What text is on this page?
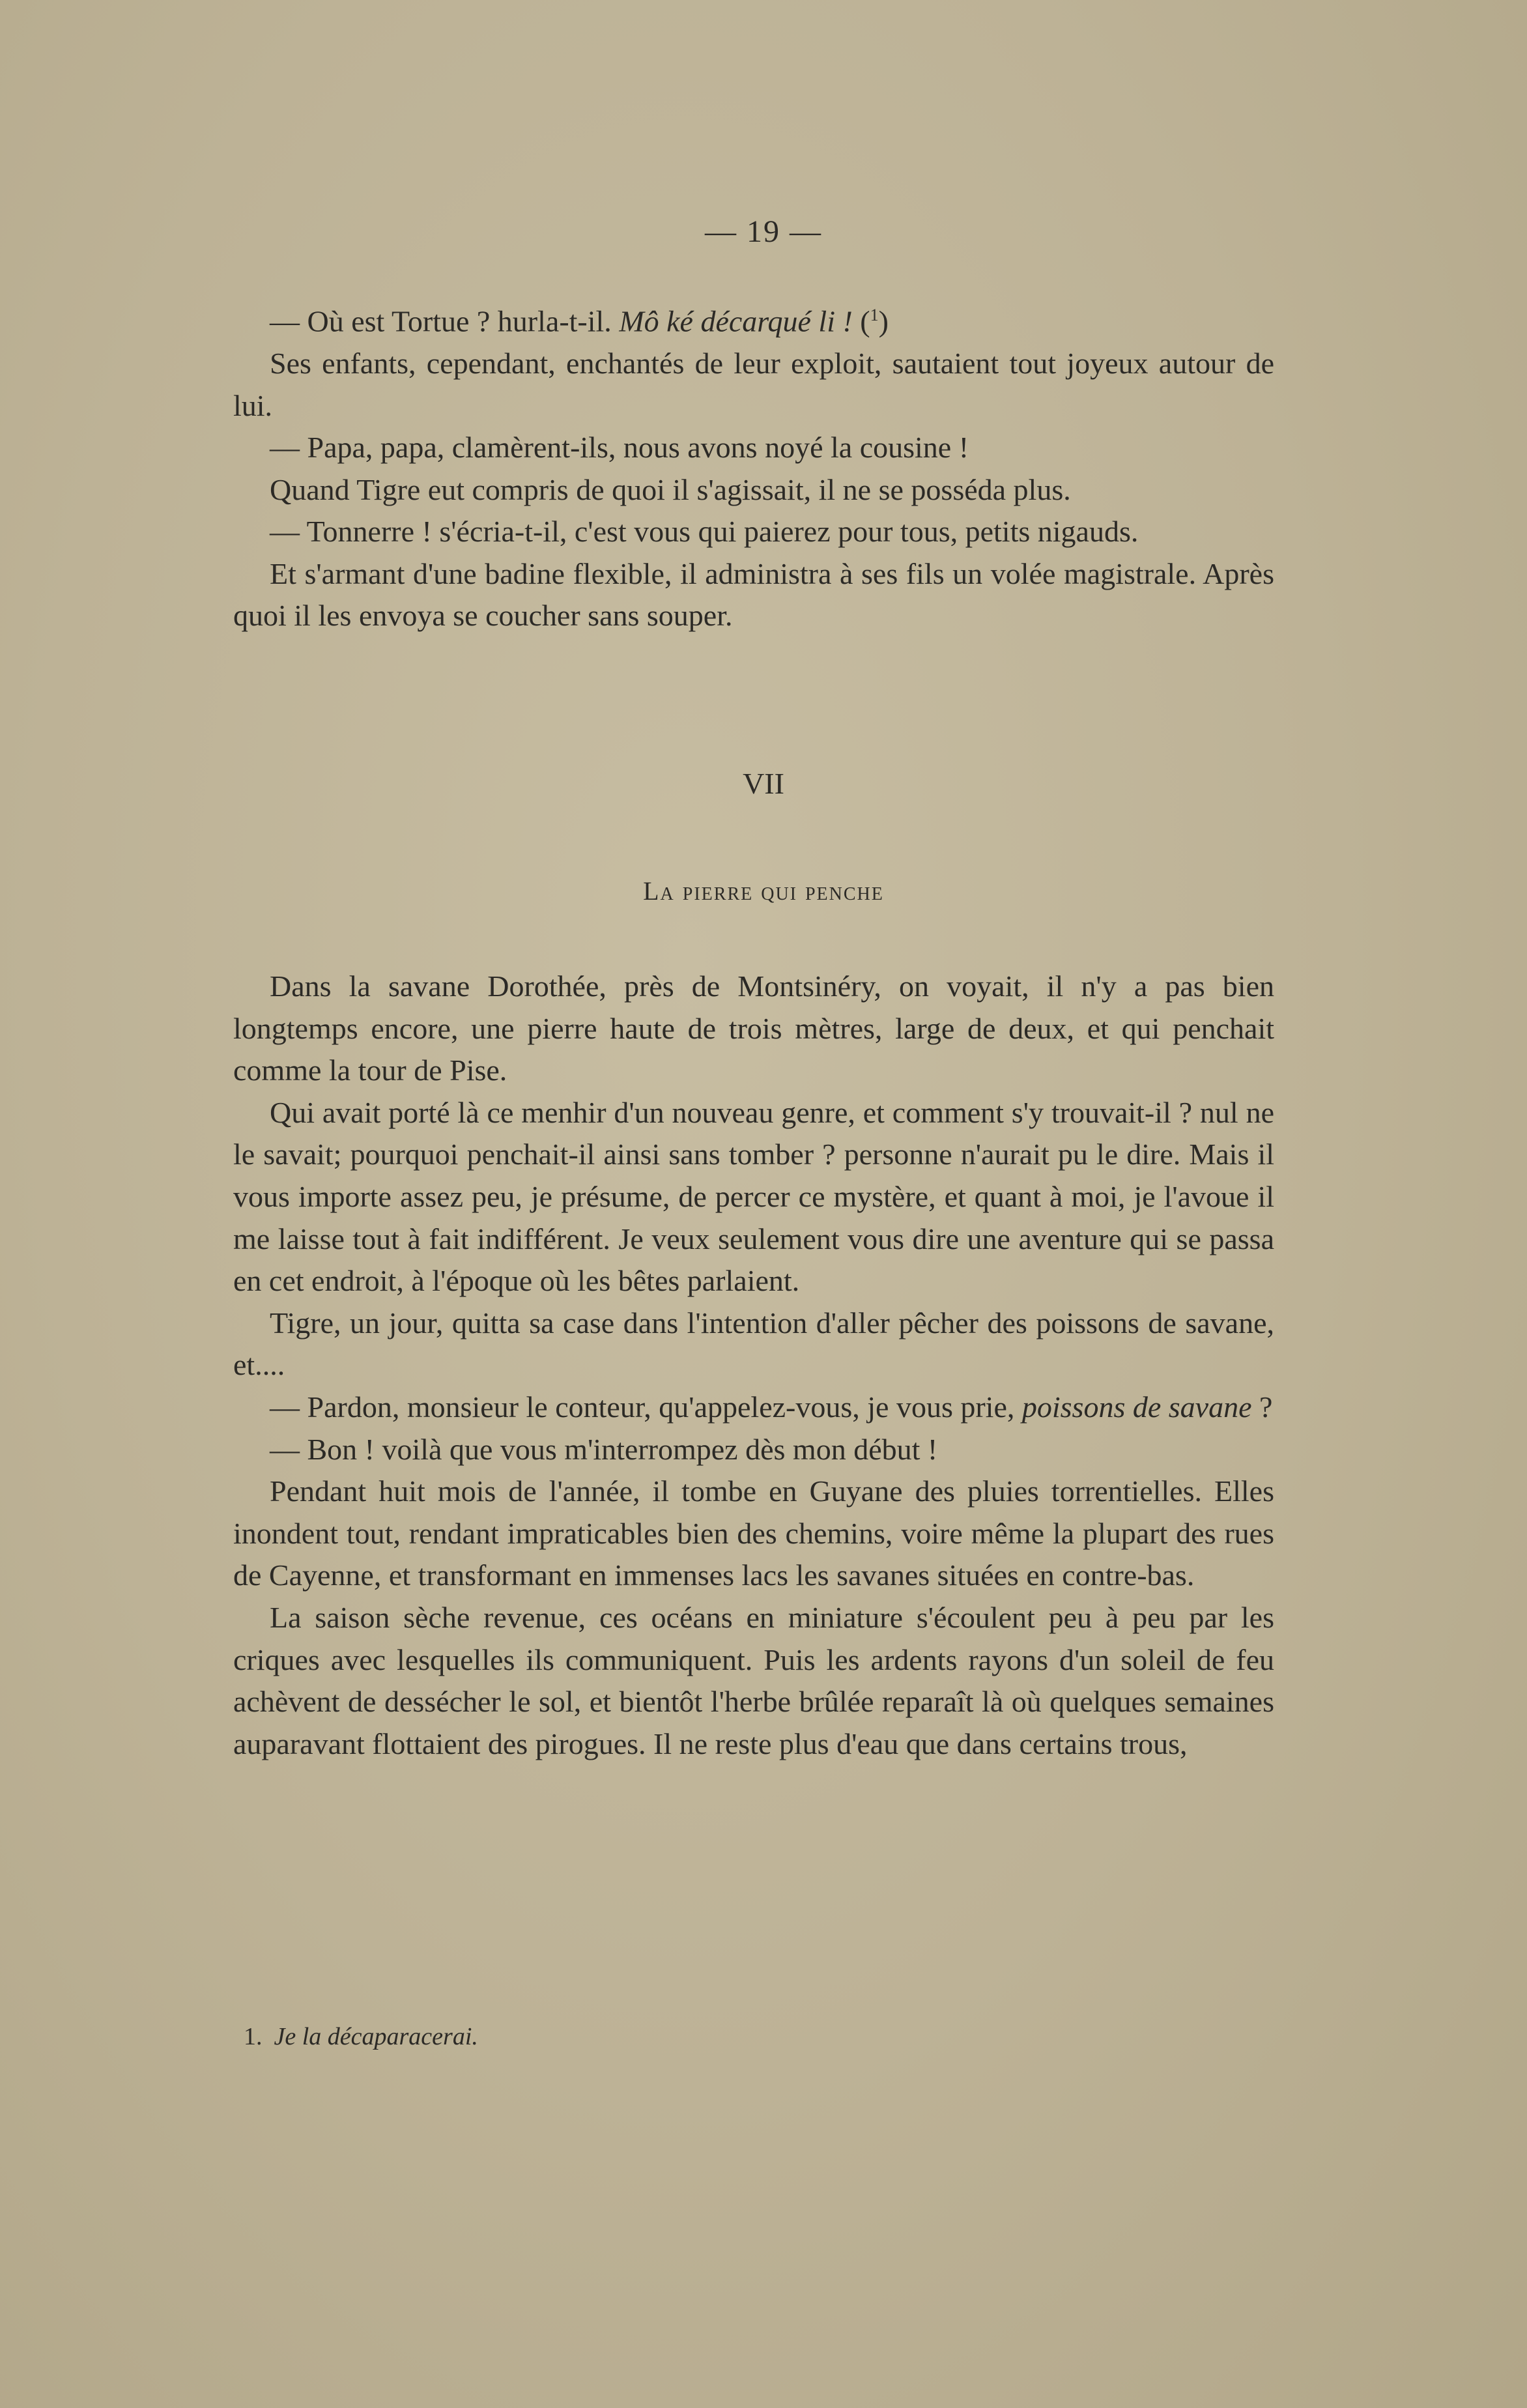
— 19 —

— Où est Tortue ? hurla-t-il. Mô ké décarqué li ! ($^1$)

Ses enfants, cependant, enchantés de leur exploit, sautaient tout joyeux autour de lui.

— Papa, papa, clamèrent-ils, nous avons noyé la cousine !

Quand Tigre eut compris de quoi il s'agissait, il ne se posséda plus.

— Tonnerre ! s'écria-t-il, c'est vous qui paierez pour tous, petits nigauds.

Et s'armant d'une badine flexible, il administra à ses fils un volée magistrale. Après quoi il les envoya se coucher sans souper.

VII
La pierre qui penche

Dans la savane Dorothée, près de Montsinéry, on voyait, il n'y a pas bien longtemps encore, une pierre haute de trois mètres, large de deux, et qui penchait comme la tour de Pise.

Qui avait porté là ce menhir d'un nouveau genre, et comment s'y trouvait-il ? nul ne le savait; pourquoi penchait-il ainsi sans tomber ? personne n'aurait pu le dire. Mais il vous importe assez peu, je présume, de percer ce mystère, et quant à moi, je l'avoue il me laisse tout à fait indifférent. Je veux seulement vous dire une aventure qui se passa en cet endroit, à l'époque où les bêtes parlaient.

Tigre, un jour, quitta sa case dans l'intention d'aller pêcher des poissons de savane, et....

— Pardon, monsieur le conteur, qu'appelez-vous, je vous prie, poissons de savane ?

— Bon ! voilà que vous m'interrompez dès mon début !

Pendant huit mois de l'année, il tombe en Guyane des pluies torrentielles. Elles inondent tout, rendant impraticables bien des chemins, voire même la plupart des rues de Cayenne, et transformant en immenses lacs les savanes situées en contre-bas.

La saison sèche revenue, ces océans en miniature s'écoulent peu à peu par les criques avec lesquelles ils communiquent. Puis les ardents rayons d'un soleil de feu achèvent de dessécher le sol, et bientôt l'herbe brûlée reparaît là où quelques semaines auparavant flottaient des pirogues. Il ne reste plus d'eau que dans certains trous,

1. Je la décaparacerai.
